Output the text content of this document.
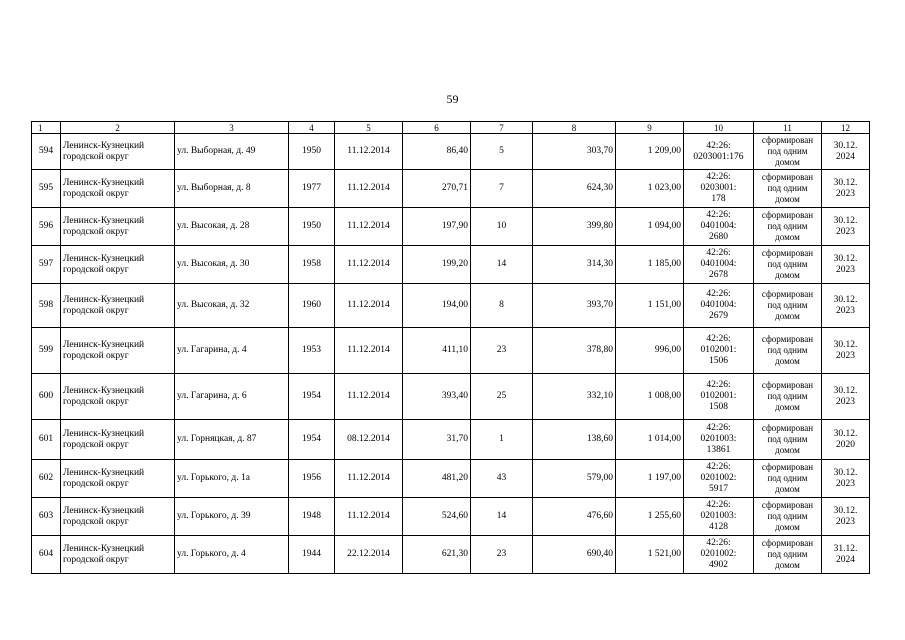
59
1	2	3	4	5	6	7	8	9	10	11	12
594	Ленинск-Кузнецкий городской округ	ул. Выборная, д. 49	1950	11.12.2014	86,40	5	303,70	1 209,00	42:26:
0203001:176	сформирован
под одним
домом	30.12.
2024

595	Ленинск-Кузнецкий городской округ	ул. Выборная, д. 8	1977	11.12.2014	270,71	7	624,30	1 023,00	42:26:
0203001:
178	сформирован
под одним
домом	30.12.
2023

596	Ленинск-Кузнецкий городской округ	ул. Высокая, д. 28	1950	11.12.2014	197,90	10	399,80	1 094,00	42:26:
0401004:
2680	сформирован
под одним
домом	30.12.
2023

597	Ленинск-Кузнецкий городской округ	ул. Высокая, д. 30	1958	11.12.2014	199,20	14	314,30	1 185,00	42:26:
0401004:
2678	сформирован
под одним
домом	30.12.
2023

598	Ленинск-Кузнецкий городской округ	ул. Высокая, д. 32	1960	11.12.2014	194,00	8	393,70	1 151,00	42:26:
0401004:
2679	сформирован
под одним
домом	30.12.
2023

599	Ленинск-Кузнецкий городской округ	ул. Гагарина, д. 4	1953	11.12.2014	411,10	23	378,80	996,00	42:26:
0102001:
1506	сформирован
под одним
домом	30.12.
2023

600	Ленинск-Кузнецкий городской округ	ул. Гагарина, д. 6	1954	11.12.2014	393,40	25	332,10	1 008,00	42:26:
0102001:
1508	сформирован
под одним
домом	30.12.
2023

601	Ленинск-Кузнецкий городской округ	ул. Горняцкая, д. 87	1954	08.12.2014	31,70	1	138,60	1 014,00	42:26:
0201003:
13861	сформирован
под одним
домом	30.12.
2020

602	Ленинск-Кузнецкий городской округ	ул. Горького, д. 1а	1956	11.12.2014	481,20	43	579,00	1 197,00	42:26:
0201002:
5917	сформирован
под одним
домом	30.12.
2023

603	Ленинск-Кузнецкий городской округ	ул. Горького, д. 39	1948	11.12.2014	524,60	14	476,60	1 255,60	42:26:
0201003:
4128	сформирован
под одним
домом	30.12.
2023

604	Ленинск-Кузнецкий городской округ	ул. Горького, д. 4	1944	22.12.2014	621,30	23	690,40	1 521,00	42:26:
0201002:
4902	сформирован
под одним
домом	31.12.
2024
